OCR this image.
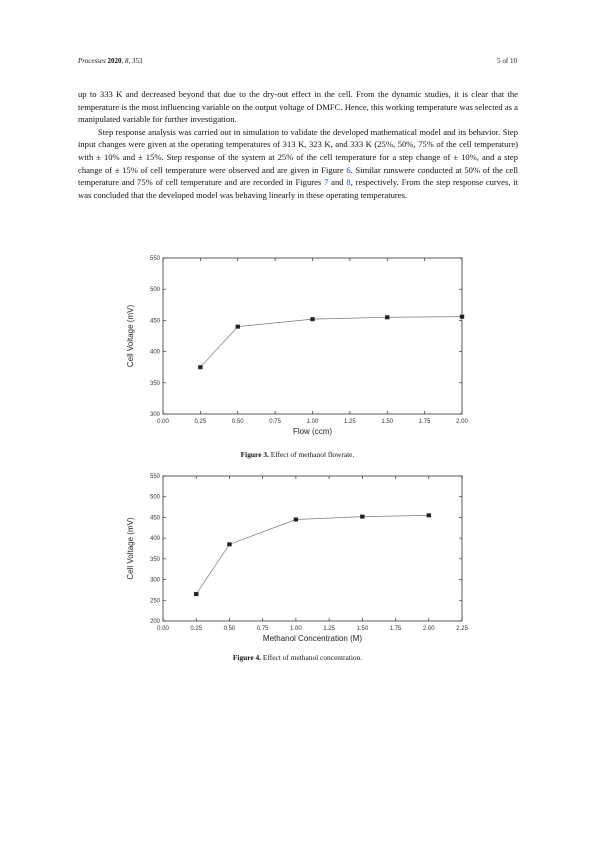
Processes 2020, 8, 353	5 of 10

up to 333 K and decreased beyond that due to the dry-out effect in the cell. From the dynamic studies, it is clear that the temperature is the most influencing variable on the output voltage of DMFC. Hence, this working temperature was selected as a manipulated variable for further investigation.

Step response analysis was carried out in simulation to validate the developed mathematical model and its behavior. Step input changes were given at the operating temperatures of 313 K, 323 K, and 333 K (25%, 50%, 75% of the cell temperature) with ± 10% and ± 15%. Step response of the system at 25% of the cell temperature for a step change of ± 10%, and a step change of ± 15% of cell temperature were observed and are given in Figure 6. Similar runswere conducted at 50% of the cell temperature and 75% of cell temperature and are recorded in Figures 7 and 8, respectively. From the step response curves, it was concluded that the developed model was behaving linearly in these operating temperatures.

0.00	0.25	0.50	0.75	1.00	1.25	1.50	1.75	2.00
300
350
400
450
500
550
Flow (ccm)
Cell Voltage (mV)
Figure 3. Effect of methanol flowrate.
0.00	0.25	0.50	0.75	1.00	1.25	1.50	1.75	2.00	2.25
200
250
300
350
400
450
500
550
Methanol Concentration (M)
Cell Voltage (mV)
Figure 4. Effect of methanol concentration.
